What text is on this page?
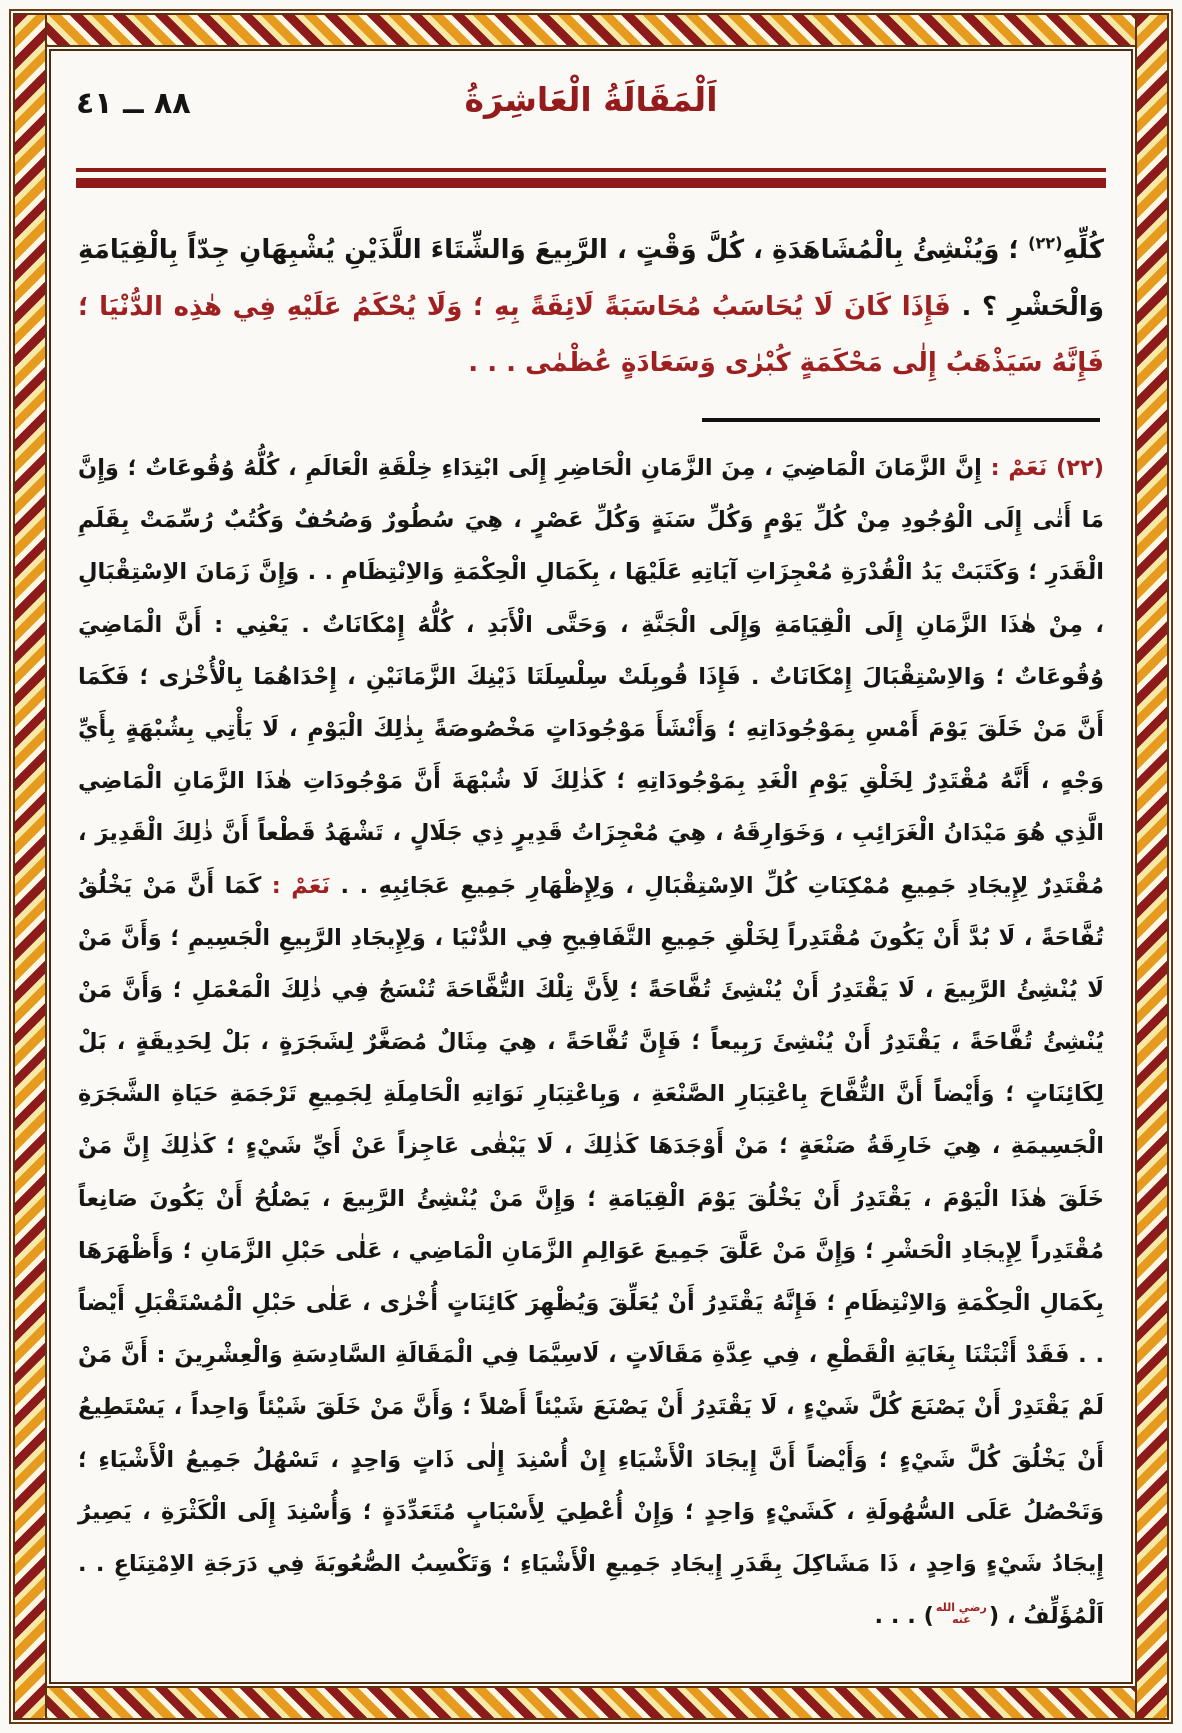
٨٨ ــ ٤١	اَلْمَقَالَةُ الْعَاشِرَةُ

كُلِّهِ$^{(٢٢)}$ ؛ وَيُنْشِئُ بِالْمُشَاهَدَةِ ، كُلَّ وَقْتٍ ، الرَّبِيعَ وَالشِّتَاءَ اللَّذَيْنِ يُشْبِهَانِ جِدّاً بِالْقِيَامَةِ وَالْحَشْرِ ؟ . فَإِذَا كَانَ لَا يُحَاسَبُ مُحَاسَبَةً لَائِقَةً بِهِ ؛ وَلَا يُحْكَمُ عَلَيْهِ فِي هٰذِه الدُّنْيَا ؛ فَإِنَّهُ سَيَذْهَبُ إِلٰى مَحْكَمَةٍ كُبْرٰى وَسَعَادَةٍ عُظْمٰى . . .

(٢٢) نَعَمْ : إِنَّ الزَّمَانَ الْمَاضِيَ ، مِنَ الزَّمَانِ الْحَاضِرِ إِلَى ابْتِدَاءِ خِلْقَةِ الْعَالَمِ ، كُلُّهُ وُقُوعَاتٌ ؛ وَإِنَّ مَا أَتٰى إِلَى الْوُجُودِ مِنْ كُلِّ يَوْمٍ وَكُلِّ سَنَةٍ وَكُلِّ عَصْرٍ ، هِيَ سُطُورٌ وَصُحُفٌ وَكُتُبٌ رُسِّمَتْ بِقَلَمِ الْقَدَرِ ؛ وَكَتَبَتْ يَدُ الْقُدْرَةِ مُعْجِزَاتِ آيَاتِهِ عَلَيْهَا ، بِكَمَالِ الْحِكْمَةِ وَالاِنْتِظَامِ . . وَإِنَّ زَمَانَ الاِسْتِقْبَالِ ، مِنْ هٰذَا الزَّمَانِ إِلَى الْقِيَامَةِ وَإِلَى الْجَنَّةِ ، وَحَتَّى الْأَبَدِ ، كُلُّهُ إِمْكَانَاتٌ . يَعْنِي : أَنَّ الْمَاضِيَ وُقُوعَاتٌ ؛ وَالاِسْتِقْبَالَ إِمْكَانَاتٌ . فَإِذَا قُوبِلَتْ سِلْسِلَتَا ذَيْنِكَ الزَّمَانَيْنِ ، إِحْدَاهُمَا بِالْأُخْرٰى ؛ فَكَمَا أَنَّ مَنْ خَلَقَ يَوْمَ أَمْسِ بِمَوْجُودَاتِهِ ؛ وَأَنْشَأَ مَوْجُودَاتٍ مَخْصُوصَةً بِذٰلِكَ الْيَوْمِ ، لَا يَأْتِي بِشُبْهَةٍ بِأَيِّ وَجْهٍ ، أَنَّهُ مُقْتَدِرٌ لِخَلْقِ يَوْمِ الْغَدِ بِمَوْجُودَاتِهِ ؛ كَذٰلِكَ لَا شُبْهَةَ أَنَّ مَوْجُودَاتِ هٰذَا الزَّمَانِ الْمَاضِي الَّذِي هُوَ مَيْدَانُ الْغَرَائِبِ ، وَخَوَارِقَهُ ، هِيَ مُعْجِزَاتُ قَدِيرٍ ذِي جَلَالٍ ، تَشْهَدُ قَطْعاً أَنَّ ذٰلِكَ الْقَدِيرَ ، مُقْتَدِرٌ لِإِيجَادِ جَمِيعِ مُمْكِنَاتِ كُلِّ الاِسْتِقْبَالِ ، وَلِإِظْهَارِ جَمِيعِ عَجَائِبِهِ . . نَعَمْ : كَمَا أَنَّ مَنْ يَخْلُقُ تُفَّاحَةً ، لَا بُدَّ أَنْ يَكُونَ مُقْتَدِراً لِخَلْقِ جَمِيعِ التَّفَافِيحِ فِي الدُّنْيَا ، وَلِإِيجَادِ الرَّبِيعِ الْجَسِيمِ ؛ وَأَنَّ مَنْ لَا يُنْشِئُ الرَّبِيعَ ، لَا يَقْتَدِرُ أَنْ يُنْشِئَ تُفَّاحَةً ؛ لِأَنَّ تِلْكَ التُّفَّاحَةَ تُنْسَجُ فِي ذٰلِكَ الْمَعْمَلِ ؛ وَأَنَّ مَنْ يُنْشِئُ تُفَّاحَةً ، يَقْتَدِرُ أَنْ يُنْشِئَ رَبِيعاً ؛ فَإِنَّ تُفَّاحَةً ، هِيَ مِثَالٌ مُصَغَّرٌ لِشَجَرَةٍ ، بَلْ لِحَدِيقَةٍ ، بَلْ لِكَائِنَاتٍ ؛ وَأَيْضاً أَنَّ التُّفَّاحَ بِاعْتِبَارِ الصَّنْعَةِ ، وَبِاعْتِبَارِ نَوَاتِهِ الْحَامِلَةِ لِجَمِيعِ تَرْجَمَةِ حَيَاةِ الشَّجَرَةِ الْجَسِيمَةِ ، هِيَ خَارِقَةُ صَنْعَةٍ ؛ مَنْ أَوْجَدَهَا كَذٰلِكَ ، لَا يَبْقٰى عَاجِزاً عَنْ أَيِّ شَيْءٍ ؛ كَذٰلِكَ إِنَّ مَنْ خَلَقَ هٰذَا الْيَوْمَ ، يَقْتَدِرُ أَنْ يَخْلُقَ يَوْمَ الْقِيَامَةِ ؛ وَإِنَّ مَنْ يُنْشِئُ الرَّبِيعَ ، يَصْلُحُ أَنْ يَكُونَ صَانِعاً مُقْتَدِراً لِإِيجَادِ الْحَشْرِ ؛ وَإِنَّ مَنْ عَلَّقَ جَمِيعَ عَوَالِمِ الزَّمَانِ الْمَاضِي ، عَلٰى حَبْلِ الزَّمَانِ ؛ وَأَظْهَرَهَا بِكَمَالِ الْحِكْمَةِ وَالاِنْتِظَامِ ؛ فَإِنَّهُ يَقْتَدِرُ أَنْ يُعَلِّقَ وَيُظْهِرَ كَائِنَاتٍ أُخْرٰى ، عَلٰى حَبْلِ الْمُسْتَقْبَلِ أَيْضاً . . فَقَدْ أَثْبَتْنَا بِغَايَةِ الْقَطْعِ ، فِي عِدَّةِ مَقَالَاتٍ ، لَاسِيَّمَا فِي الْمَقَالَةِ السَّادِسَةِ وَالْعِشْرِينَ : أَنَّ مَنْ لَمْ يَقْتَدِرْ أَنْ يَصْنَعَ كُلَّ شَيْءٍ ، لَا يَقْتَدِرُ أَنْ يَصْنَعَ شَيْئاً أَصْلاً ؛ وَأَنَّ مَنْ خَلَقَ شَيْئاً وَاحِداً ، يَسْتَطِيعُ أَنْ يَخْلُقَ كُلَّ شَيْءٍ ؛ وَأَيْضاً أَنَّ إِيجَادَ الْأَشْيَاءِ إِنْ أُسْنِدَ إِلٰى ذَاتٍ وَاحِدٍ ، تَسْهُلُ جَمِيعُ الْأَشْيَاءِ ؛ وَتَحْصُلُ عَلَى السُّهُولَةِ ، كَشَيْءٍ وَاحِدٍ ؛ وَإِنْ أُعْطِيَ لِأَسْبَابٍ مُتَعَدِّدَةٍ ؛ وَأُسْنِدَ إِلَى الْكَثْرَةِ ، يَصِيرُ إِيجَادُ شَيْءٍ وَاحِدٍ ، ذَا مَشَاكِلَ بِقَدَرِ إِيجَادِ جَمِيعِ الْأَشْيَاءِ ؛ وَتَكْسِبُ الصُّعُوبَةَ فِي دَرَجَةِ الاِمْتِنَاعِ . . اَلْمُؤَلِّفُ ، (
رضي الله
عنه
) . . .
